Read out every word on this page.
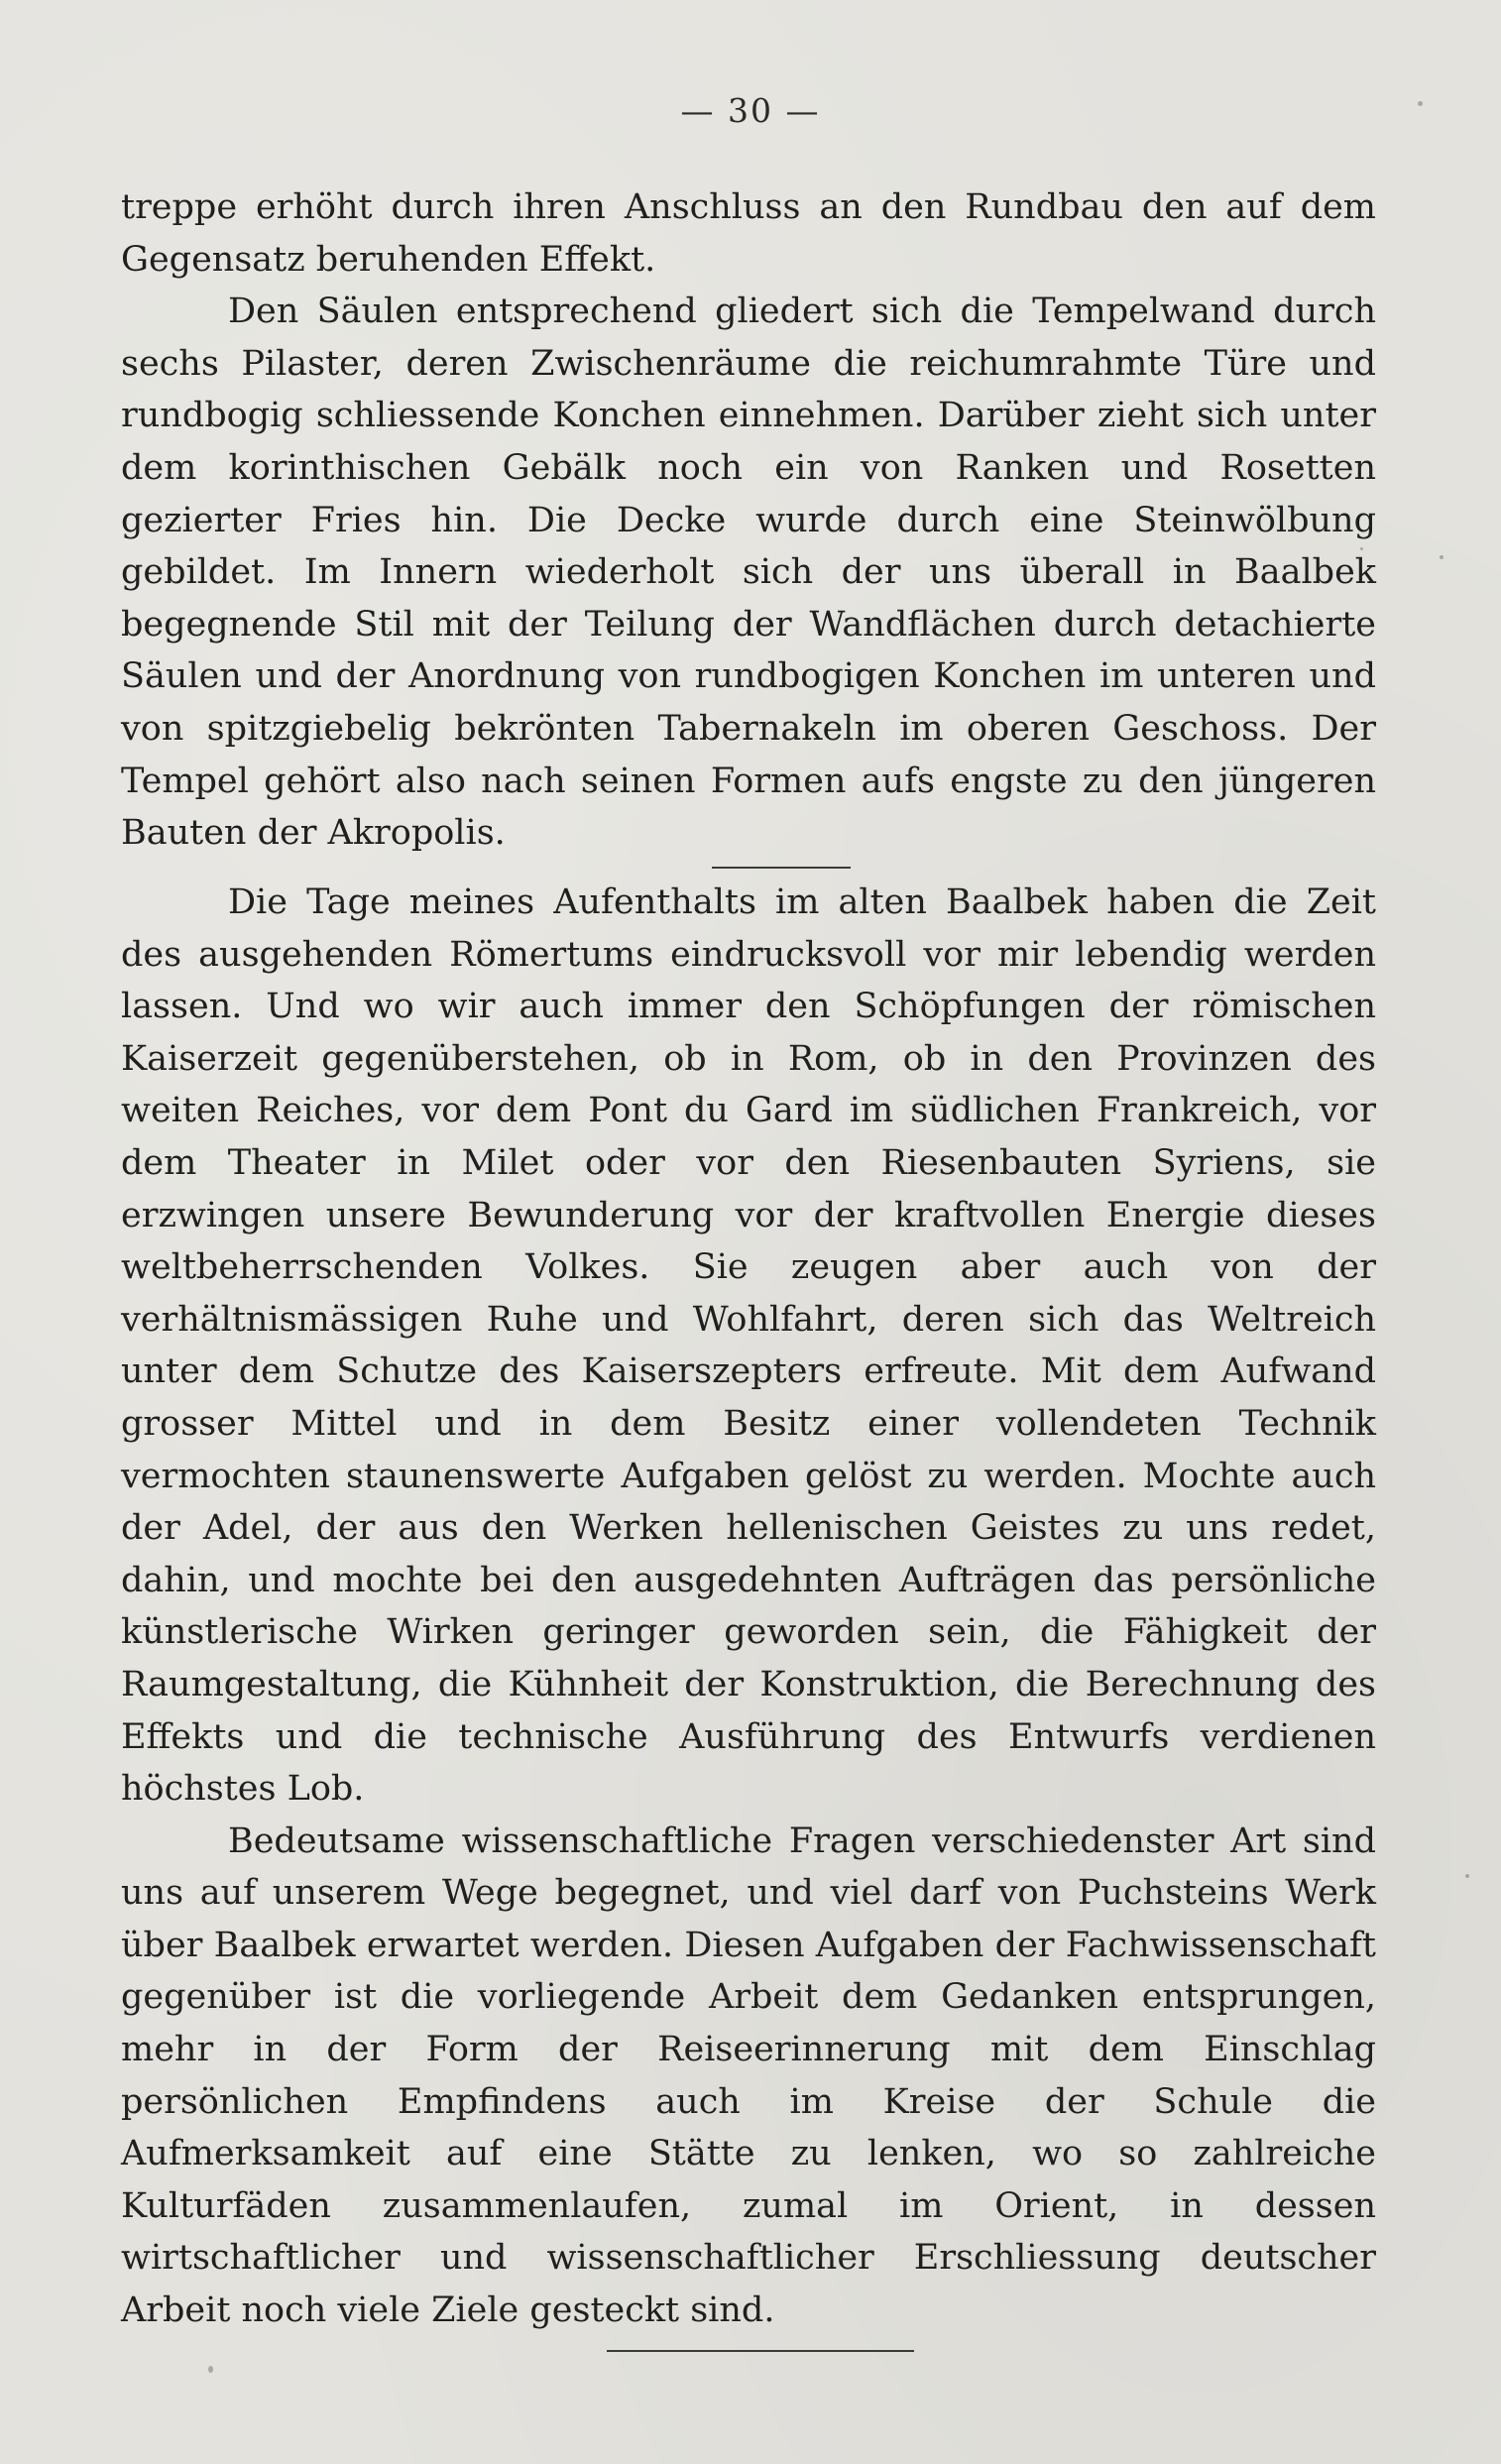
— 30 —

treppe erhöht durch ihren Anschluss an den Rundbau den auf dem Gegensatz beruhenden Effekt.

Den Säulen entsprechend gliedert sich die Tempelwand durch sechs Pilaster, deren Zwischenräume die reichumrahmte Türe und rundbogig schliessende Konchen einnehmen. Darüber zieht sich unter dem korinthischen Gebälk noch ein von Ranken und Rosetten gezierter Fries hin. Die Decke wurde durch eine Steinwölbung gebildet. Im Innern wiederholt sich der uns überall in Baalbek begegnende Stil mit der Teilung der Wandflächen durch detachierte Säulen und der Anordnung von rundbogigen Konchen im unteren und von spitzgiebelig bekrönten Tabernakeln im oberen Geschoss. Der Tempel gehört also nach seinen Formen aufs engste zu den jüngeren Bauten der Akropolis.

Die Tage meines Aufenthalts im alten Baalbek haben die Zeit des ausgehenden Römertums eindrucksvoll vor mir lebendig werden lassen. Und wo wir auch immer den Schöpfungen der römischen Kaiserzeit gegenüberstehen, ob in Rom, ob in den Provinzen des weiten Reiches, vor dem Pont du Gard im südlichen Frankreich, vor dem Theater in Milet oder vor den Riesenbauten Syriens, sie erzwingen unsere Bewunderung vor der kraftvollen Energie dieses weltbeherrschenden Volkes. Sie zeugen aber auch von der verhältnismässigen Ruhe und Wohlfahrt, deren sich das Weltreich unter dem Schutze des Kaiserszepters erfreute. Mit dem Aufwand grosser Mittel und in dem Besitz einer vollendeten Technik vermochten staunenswerte Aufgaben gelöst zu werden. Mochte auch der Adel, der aus den Werken hellenischen Geistes zu uns redet, dahin, und mochte bei den ausgedehnten Aufträgen das persönliche künstlerische Wirken geringer geworden sein, die Fähigkeit der Raumgestaltung, die Kühnheit der Konstruktion, die Berechnung des Effekts und die technische Ausführung des Entwurfs verdienen höchstes Lob.

Bedeutsame wissenschaftliche Fragen verschiedenster Art sind uns auf unserem Wege begegnet, und viel darf von Puchsteins Werk über Baalbek erwartet werden. Diesen Aufgaben der Fachwissenschaft gegenüber ist die vorliegende Arbeit dem Gedanken entsprungen, mehr in der Form der Reiseerinnerung mit dem Einschlag persönlichen Empfindens auch im Kreise der Schule die Aufmerksamkeit auf eine Stätte zu lenken, wo so zahlreiche Kulturfäden zusammenlaufen, zumal im Orient, in dessen wirtschaftlicher und wissenschaftlicher Erschliessung deutscher Arbeit noch viele Ziele gesteckt sind.
